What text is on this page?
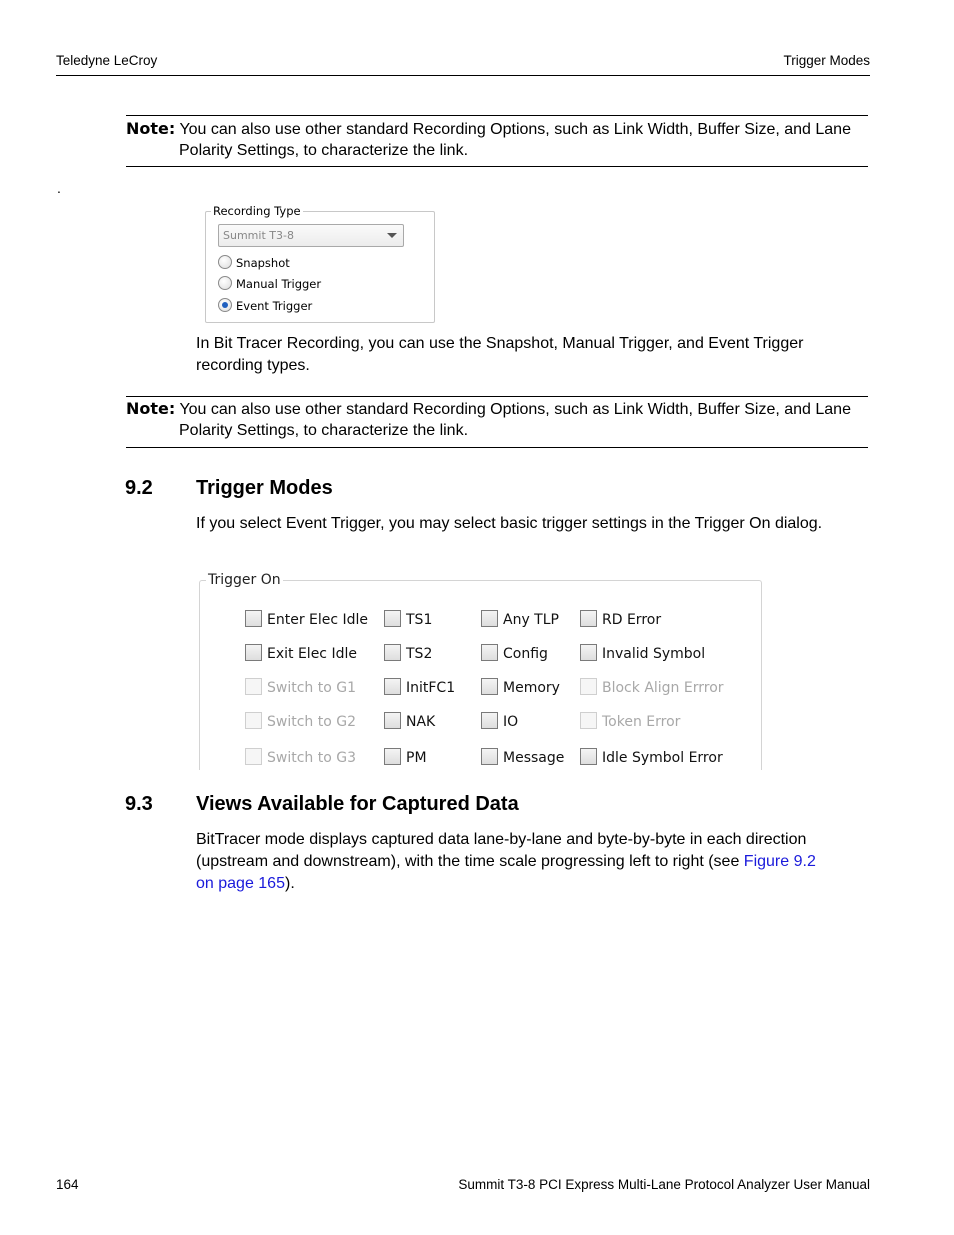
Teledyne LeCroy	Trigger Modes
Note: You can also use other standard Recording Options, such as Link Width, Buffer Size, and Lane
Polarity Settings, to characterize the link.
.
Recording Type
Summit T3-8
Snapshot
Manual Trigger
Event Trigger
In Bit Tracer Recording, you can use the Snapshot, Manual Trigger, and Event Trigger
recording types.
Note: You can also use other standard Recording Options, such as Link Width, Buffer Size, and Lane
Polarity Settings, to characterize the link.
9.2 Trigger Modes
If you select Event Trigger, you may select basic trigger settings in the Trigger On dialog.
Trigger On
Enter Elec Idle
Exit Elec Idle
Switch to G1
Switch to G2
Switch to G3
TS1
TS2
InitFC1
NAK
PM
Any TLP
Config
Memory
IO
Message
RD Error
Invalid Symbol
Block Align Errror
Token Error
Idle Symbol Error
9.3 Views Available for Captured Data
BitTracer mode displays captured data lane-by-lane and byte-by-byte in each direction
(upstream and downstream), with the time scale progressing left to right (see Figure 9.2
on page 165).
164	Summit T3-8 PCI Express Multi-Lane Protocol Analyzer User Manual
